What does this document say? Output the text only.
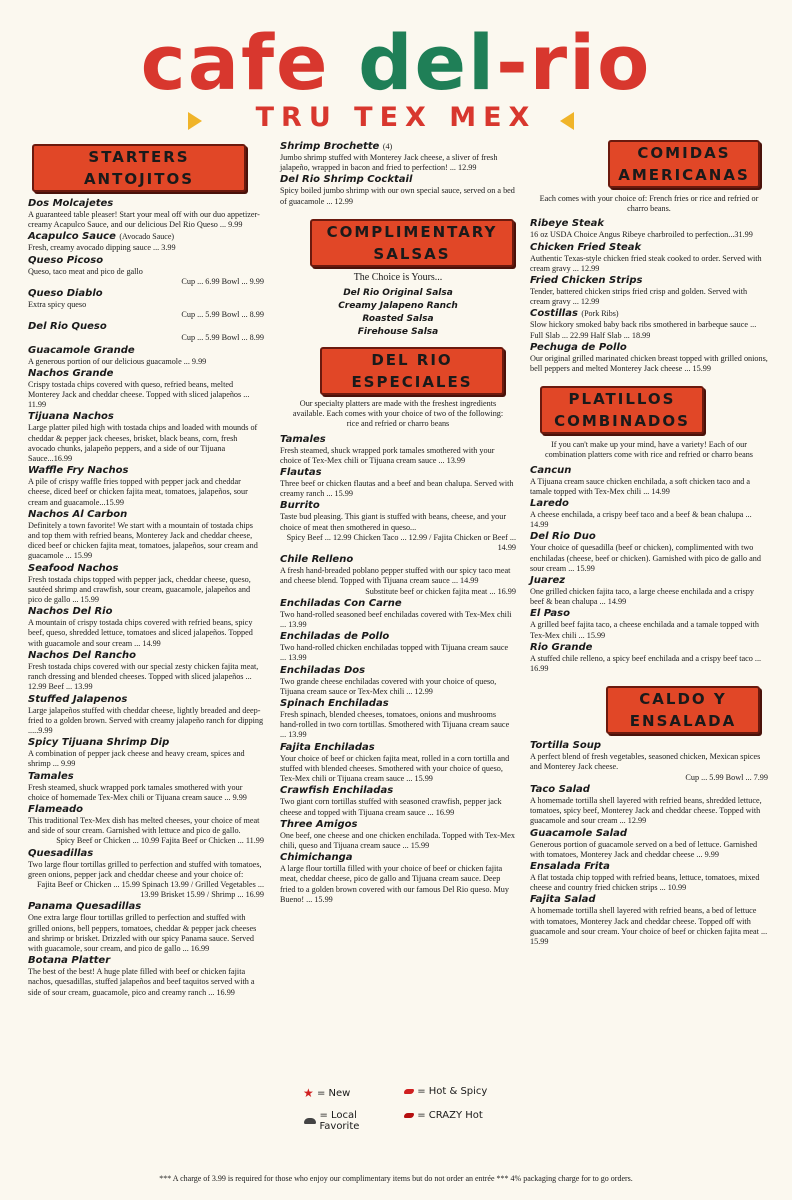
cafe del-rio
TRU TEX MEX
STARTERS
ANTOJITOS
Dos Molcajetes
A guaranteed table pleaser! Start your meal off with our duo appetizer-creamy Acapulco Sauce, and our delicious Del Rio Queso ... 9.99
Acapulco Sauce (Avocado Sauce)
Fresh, creamy avocado dipping sauce ... 3.99
Queso Picoso
Queso, taco meat and pico de gallo
Cup ... 6.99 Bowl ... 9.99
Queso Diablo
Extra spicy queso
Cup ... 5.99 Bowl ... 8.99
Del Rio Queso
Cup ... 5.99 Bowl ... 8.99
Guacamole Grande
A generous portion of our delicious guacamole ... 9.99
Nachos Grande
Crispy tostada chips covered with queso, refried beans, melted Monterey Jack and cheddar cheese. Topped with sliced jalapeños ... 11.99
Tijuana Nachos
Large platter piled high with tostada chips and loaded with mounds of cheddar & pepper jack cheeses, brisket, black beans, corn, fresh avocado chunks, jalapeño peppers, and a side of our Tijuana Sauce...16.99
Waffle Fry Nachos
A pile of crispy waffle fries topped with pepper jack and cheddar cheese, diced beef or chicken fajita meat, tomatoes, jalapeños, sour cream and guacamole...15.99
Nachos Al Carbon
Definitely a town favorite! We start with a mountain of tostada chips and top them with refried beans, Monterey Jack and cheddar cheese, diced beef or chicken fajita meat, tomatoes, jalapeños, sour cream and guacamole ... 15.99
Seafood Nachos
Fresh tostada chips topped with pepper jack, cheddar cheese, queso, sautéed shrimp and crawfish, sour cream, guacamole, jalapeños and pico de gallo ... 15.99
Nachos Del Rio
A mountain of crispy tostada chips covered with refried beans, spicy beef, queso, shredded lettuce, tomatoes and sliced jalapeños. Topped with guacamole and sour cream ... 14.99
Nachos Del Rancho
Fresh tostada chips covered with our special zesty chicken fajita meat, ranch dressing and blended cheeses. Topped with sliced jalapeños ... 12.99 Beef ... 13.99
Stuffed Jalapenos
Large jalapeños stuffed with cheddar cheese, lightly breaded and deep-fried to a golden brown. Served with creamy jalapeño ranch for dipping .....9.99
Spicy Tijuana Shrimp Dip
A combination of pepper jack cheese and heavy cream, spices and shrimp ... 9.99
Tamales
Fresh steamed, shuck wrapped pork tamales smothered with your choice of homemade Tex-Mex chili or Tijuana cream sauce ... 9.99
Flameado
This traditional Tex-Mex dish has melted cheeses, your choice of meat and side of sour cream. Garnished with lettuce and pico de gallo.
Spicy Beef or Chicken ... 10.99 Fajita Beef or Chicken ... 11.99
Quesadillas
Two large flour tortillas grilled to perfection and stuffed with tomatoes, green onions, pepper jack and cheddar cheese and your choice of:
Fajita Beef or Chicken ... 15.99 Spinach 13.99 / Grilled Vegetables ... 13.99 Brisket 15.99 / Shrimp ... 16.99
Panama Quesadillas
One extra large flour tortillas grilled to perfection and stuffed with grilled onions, bell peppers, tomatoes, cheddar & pepper jack cheeses and shrimp or brisket. Drizzled with our spicy Panama sauce. Served with guacamole, sour cream, and pico de gallo ... 16.99
Botana Platter
The best of the best! A huge plate filled with beef or chicken fajita nachos, quesadillas, stuffed jalapeños and beef taquitos served with a side of sour cream, guacamole, pico and creamy ranch ... 16.99
Shrimp Brochette (4)
Jumbo shrimp stuffed with Monterey Jack cheese, a sliver of fresh jalapeño, wrapped in bacon and fried to perfection! ... 12.99
Del Rio Shrimp Cocktail
Spicy boiled jumbo shrimp with our own special sauce, served on a bed of guacamole ... 12.99
COMPLIMENTARY
SALSAS
The Choice is Yours...
Del Rio Original Salsa
Creamy Jalapeno Ranch
Roasted Salsa
Firehouse Salsa
DEL RIO
ESPECIALES
Our specialty platters are made with the freshest ingredients available. Each comes with your choice of two of the following: rice and refried or charro beans
Tamales
Fresh steamed, shuck wrapped pork tamales smothered with your choice of Tex-Mex chili or Tijuana cream sauce ... 13.99
Flautas
Three beef or chicken flautas and a beef and bean chalupa. Served with creamy ranch ... 15.99
Burrito
Taste bud pleasing. This giant is stuffed with beans, cheese, and your choice of meat then smothered in queso...
Spicy Beef ... 12.99 Chicken Taco ... 12.99 / Fajita Chicken or Beef ... 14.99
Chile Relleno
A fresh hand-breaded poblano pepper stuffed with our spicy taco meat and cheese blend. Topped with Tijuana cream sauce ... 14.99
Substitute beef or chicken fajita meat ... 16.99
Enchiladas Con Carne
Two hand-rolled seasoned beef enchiladas covered with Tex-Mex chili ... 13.99
Enchiladas de Pollo
Two hand-rolled chicken enchiladas topped with Tijuana cream sauce ... 13.99
Enchiladas Dos
Two grande cheese enchiladas covered with your choice of queso, Tijuana cream sauce or Tex-Mex chili ... 12.99
Spinach Enchiladas
Fresh spinach, blended cheeses, tomatoes, onions and mushrooms hand-rolled in two corn tortillas. Smothered with Tijuana cream sauce ... 13.99
Fajita Enchiladas
Your choice of beef or chicken fajita meat, rolled in a corn tortilla and stuffed with blended cheeses. Smothered with your choice of queso, Tex-Mex chili or Tijuana cream sauce ... 15.99
Crawfish Enchiladas
Two giant corn tortillas stuffed with seasoned crawfish, pepper jack cheese and topped with Tijuana cream sauce ... 16.99
Three Amigos
One beef, one cheese and one chicken enchilada. Topped with Tex-Mex chili, queso and Tijuana cream sauce ... 15.99
Chimichanga
A large flour tortilla filled with your choice of beef or chicken fajita meat, cheddar cheese, pico de gallo and Tijuana cream sauce. Deep fried to a golden brown covered with our famous Del Rio queso. Muy Bueno! ... 15.99
COMIDAS
AMERICANAS
Each comes with your choice of: French fries or rice and refried or charro beans.
Ribeye Steak
16 oz USDA Choice Angus Ribeye charbroiled to perfection...31.99
Chicken Fried Steak
Authentic Texas-style chicken fried steak cooked to order. Served with cream gravy ... 12.99
Fried Chicken Strips
Tender, battered chicken strips fried crisp and golden. Served with cream gravy ... 12.99
Costillas (Pork Ribs)
Slow hickory smoked baby back ribs smothered in barbeque sauce ... Full Slab ... 22.99 Half Slab ... 18.99
Pechuga de Pollo
Our original grilled marinated chicken breast topped with grilled onions, bell peppers and melted Monterey Jack cheese ... 15.99
PLATILLOS
COMBINADOS
If you can't make up your mind, have a variety! Each of our combination platters come with rice and refried or charro beans
Cancun
A Tijuana cream sauce chicken enchilada, a soft chicken taco and a tamale topped with Tex-Mex chili ... 14.99
Laredo
A cheese enchilada, a crispy beef taco and a beef & bean chalupa ... 14.99
Del Rio Duo
Your choice of quesadilla (beef or chicken), complimented with two enchiladas (cheese, beef or chicken). Garnished with pico de gallo and sour cream ... 15.99
Juarez
One grilled chicken fajita taco, a large cheese enchilada and a crispy beef & bean chalupa ... 14.99
El Paso
A grilled beef fajita taco, a cheese enchilada and a tamale topped with Tex-Mex chili ... 15.99
Rio Grande
A stuffed chile relleno, a spicy beef enchilada and a crispy beef taco ... 16.99
CALDO Y
ENSALADA
Tortilla Soup
A perfect blend of fresh vegetables, seasoned chicken, Mexican spices and Monterey Jack cheese.
Cup ... 5.99 Bowl ... 7.99
Taco Salad
A homemade tortilla shell layered with refried beans, shredded lettuce, tomatoes, spicy beef, Monterey Jack and cheddar cheese. Topped with guacamole and sour cream ... 12.99
Guacamole Salad
Generous portion of guacamole served on a bed of lettuce. Garnished with tomatoes, Monterey Jack and cheddar cheese ... 9.99
Ensalada Frita
A flat tostada chip topped with refried beans, lettuce, tomatoes, mixed cheese and country fried chicken strips ... 10.99
Fajita Salad
A homemade tortilla shell layered with refried beans, a bed of lettuce with tomatoes, Monterey Jack and cheddar cheese. Topped off with guacamole and sour cream. Your choice of beef or chicken fajita meat ... 15.99
★
= New
	= Hot & Spicy

= Local Favorite

= CRAZY Hot
*** A charge of 3.99 is required for those who enjoy our complimentary items but do not order an entrée *** 4% packaging charge for to go orders.
